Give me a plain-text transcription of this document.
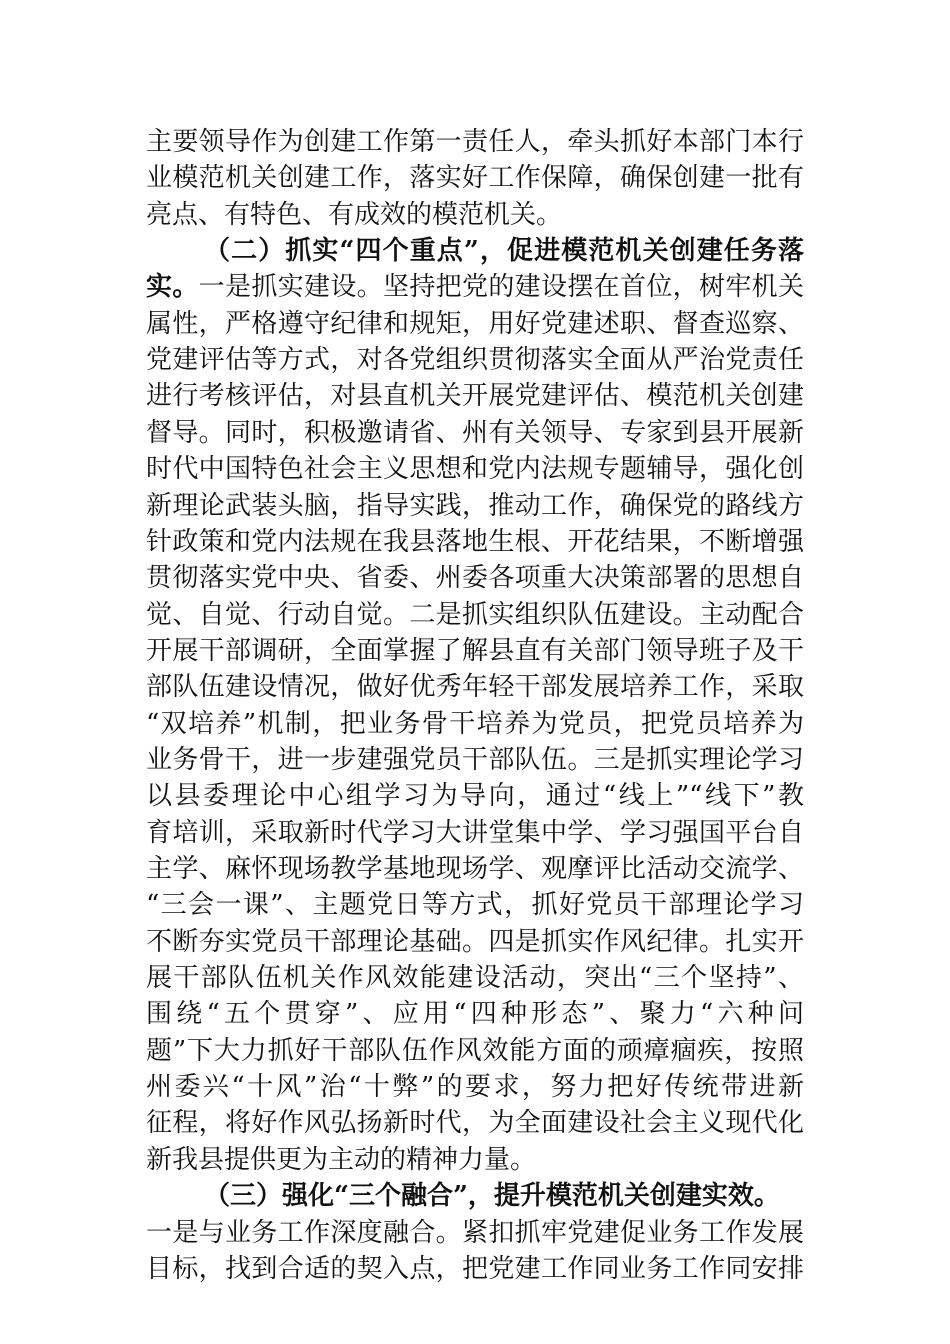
主要领导作为创建工作第一责任人，牵头抓好本部门本行
业模范机关创建工作，落实好工作保障，确保创建一批有
亮点、有特色、有成效的模范机关。
（二）抓实“四个重点”，促进模范机关创建任务落
实。一是抓实建设。坚持把党的建设摆在首位，树牢机关
属性，严格遵守纪律和规矩，用好党建述职、督查巡察、
党建评估等方式，对各党组织贯彻落实全面从严治党责任
进行考核评估，对县直机关开展党建评估、模范机关创建
督导。同时，积极邀请省、州有关领导、专家到县开展新
时代中国特色社会主义思想和党内法规专题辅导，强化创
新理论武装头脑，指导实践，推动工作，确保党的路线方
针政策和党内法规在我县落地生根、开花结果，不断增强
贯彻落实党中央、省委、州委各项重大决策部署的思想自
觉、自觉、行动自觉。二是抓实组织队伍建设。主动配合
开展干部调研，全面掌握了解县直有关部门领导班子及干
部队伍建设情况，做好优秀年轻干部发展培养工作，采取
“双培养”机制，把业务骨干培养为党员，把党员培养为
业务骨干，进一步建强党员干部队伍。三是抓实理论学习
以县委理论中心组学习为导向，通过“线上”“线下”教
育培训，采取新时代学习大讲堂集中学、学习强国平台自
主学、麻怀现场教学基地现场学、观摩评比活动交流学、
“三会一课”、主题党日等方式，抓好党员干部理论学习
不断夯实党员干部理论基础。四是抓实作风纪律。扎实开
展干部队伍机关作风效能建设活动，突出“三个坚持”、
围绕“五个贯穿”、应用“四种形态”、聚力“六种问
题”下大力抓好干部队伍作风效能方面的顽瘴痼疾，按照
州委兴“十风”治“十弊”的要求，努力把好传统带进新
征程，将好作风弘扬新时代，为全面建设社会主义现代化
新我县提供更为主动的精神力量。
（三）强化“三个融合”，提升模范机关创建实效。
一是与业务工作深度融合。紧扣抓牢党建促业务工作发展
目标，找到合适的契入点，把党建工作同业务工作同安排
